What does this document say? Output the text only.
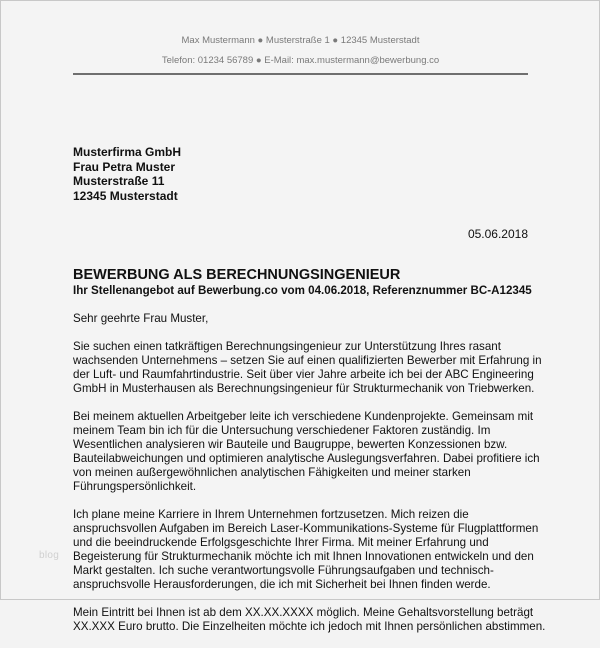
Max Mustermann ● Musterstraße 1 ● 12345 Musterstadt
Telefon: 01234 56789 ● E-Mail: max.mustermann@bewerbung.co
Musterfirma GmbH
Frau Petra Muster
Musterstraße 11
12345 Musterstadt
05.06.2018
BEWERBUNG ALS BERECHNUNGSINGENIEUR
Ihr Stellenangebot auf Bewerbung.co vom 04.06.2018, Referenznummer BC-A12345

Sehr geehrte Frau Muster,

Sie suchen einen tatkräftigen Berechnungsingenieur zur Unterstützung Ihres rasant
wachsenden Unternehmens – setzen Sie auf einen qualifizierten Bewerber mit Erfahrung in
der Luft- und Raumfahrtindustrie. Seit über vier Jahre arbeite ich bei der ABC Engineering
GmbH in Musterhausen als Berechnungsingenieur für Strukturmechanik von Triebwerken.

Bei meinem aktuellen Arbeitgeber leite ich verschiedene Kundenprojekte. Gemeinsam mit
meinem Team bin ich für die Untersuchung verschiedener Faktoren zuständig. Im
Wesentlichen analysieren wir Bauteile und Baugruppe, bewerten Konzessionen bzw.
Bauteilabweichungen und optimieren analytische Auslegungsverfahren. Dabei profitiere ich
von meinen außergewöhnlichen analytischen Fähigkeiten und meiner starken
Führungspersönlichkeit.

Ich plane meine Karriere in Ihrem Unternehmen fortzusetzen. Mich reizen die
anspruchsvollen Aufgaben im Bereich Laser-Kommunikations-Systeme für Flugplattformen
und die beeindruckende Erfolgsgeschichte Ihrer Firma. Mit meiner Erfahrung und
Begeisterung für Strukturmechanik möchte ich mit Ihnen Innovationen entwickeln und den
Markt gestalten. Ich suche verantwortungsvolle Führungsaufgaben und technisch-
anspruchsvolle Herausforderungen, die ich mit Sicherheit bei Ihnen finden werde.

Mein Eintritt bei Ihnen ist ab dem XX.XX.XXXX möglich. Meine Gehaltsvorstellung beträgt
XX.XXX Euro brutto. Die Einzelheiten möchte ich jedoch mit Ihnen persönlichen abstimmen.

blog
